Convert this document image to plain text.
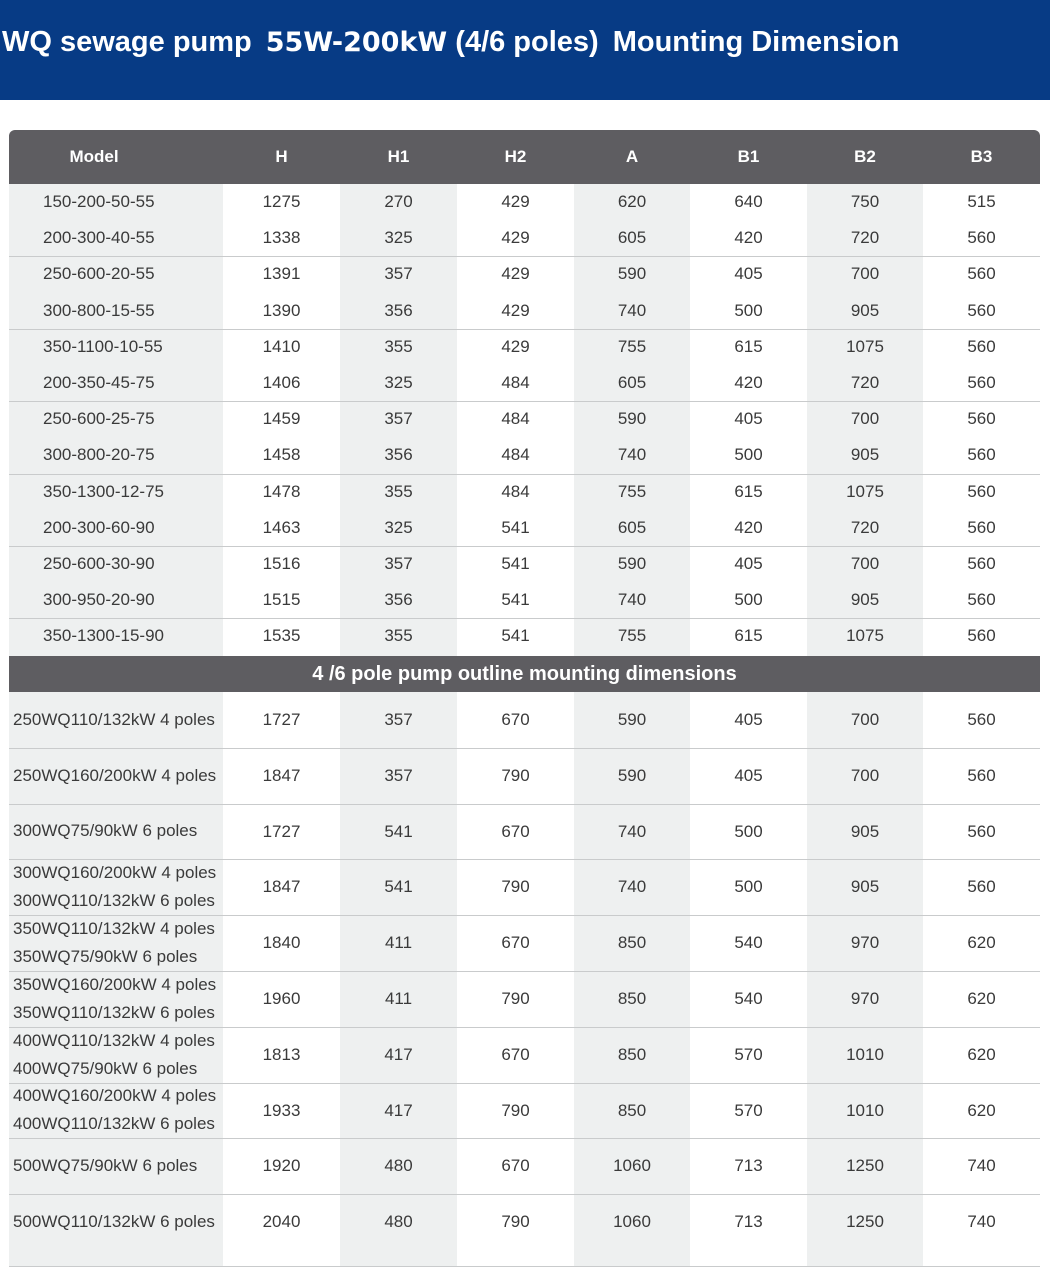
WQ sewage pump 55W-200kW (4/6 poles) Mounting Dimension
Model	H	H1	H2	A	B1	B2	B3
150-200-50-55	1275	270	429	620	640	750	515
200-300-40-55	1338	325	429	605	420	720	560
250-600-20-55	1391	357	429	590	405	700	560
300-800-15-55	1390	356	429	740	500	905	560
350-1100-10-55	1410	355	429	755	615	1075	560
200-350-45-75	1406	325	484	605	420	720	560
250-600-25-75	1459	357	484	590	405	700	560
300-800-20-75	1458	356	484	740	500	905	560
350-1300-12-75	1478	355	484	755	615	1075	560
200-300-60-90	1463	325	541	605	420	720	560
250-600-30-90	1516	357	541	590	405	700	560
300-950-20-90	1515	356	541	740	500	905	560
350-1300-15-90	1535	355	541	755	615	1075	560
4 /6 pole pump outline mounting dimensions
250WQ110/132kW 4 poles	1727	357	670	590	405	700	560
250WQ160/200kW 4 poles	1847	357	790	590	405	700	560
300WQ75/90kW 6 poles	1727	541	670	740	500	905	560
300WQ160/200kW 4 poles
300WQ110/132kW 6 poles
1847	541	790	740	500	905	560
350WQ110/132kW 4 poles
350WQ75/90kW 6 poles
1840	411	670	850	540	970	620
350WQ160/200kW 4 poles
350WQ110/132kW 6 poles
1960	411	790	850	540	970	620
400WQ110/132kW 4 poles
400WQ75/90kW 6 poles
1813	417	670	850	570	1010	620
400WQ160/200kW 4 poles
400WQ110/132kW 6 poles
1933	417	790	850	570	1010	620
500WQ75/90kW 6 poles	1920	480	670	1060	713	1250	740
500WQ110/132kW 6 poles	2040	480	790	1060	713	1250	740
